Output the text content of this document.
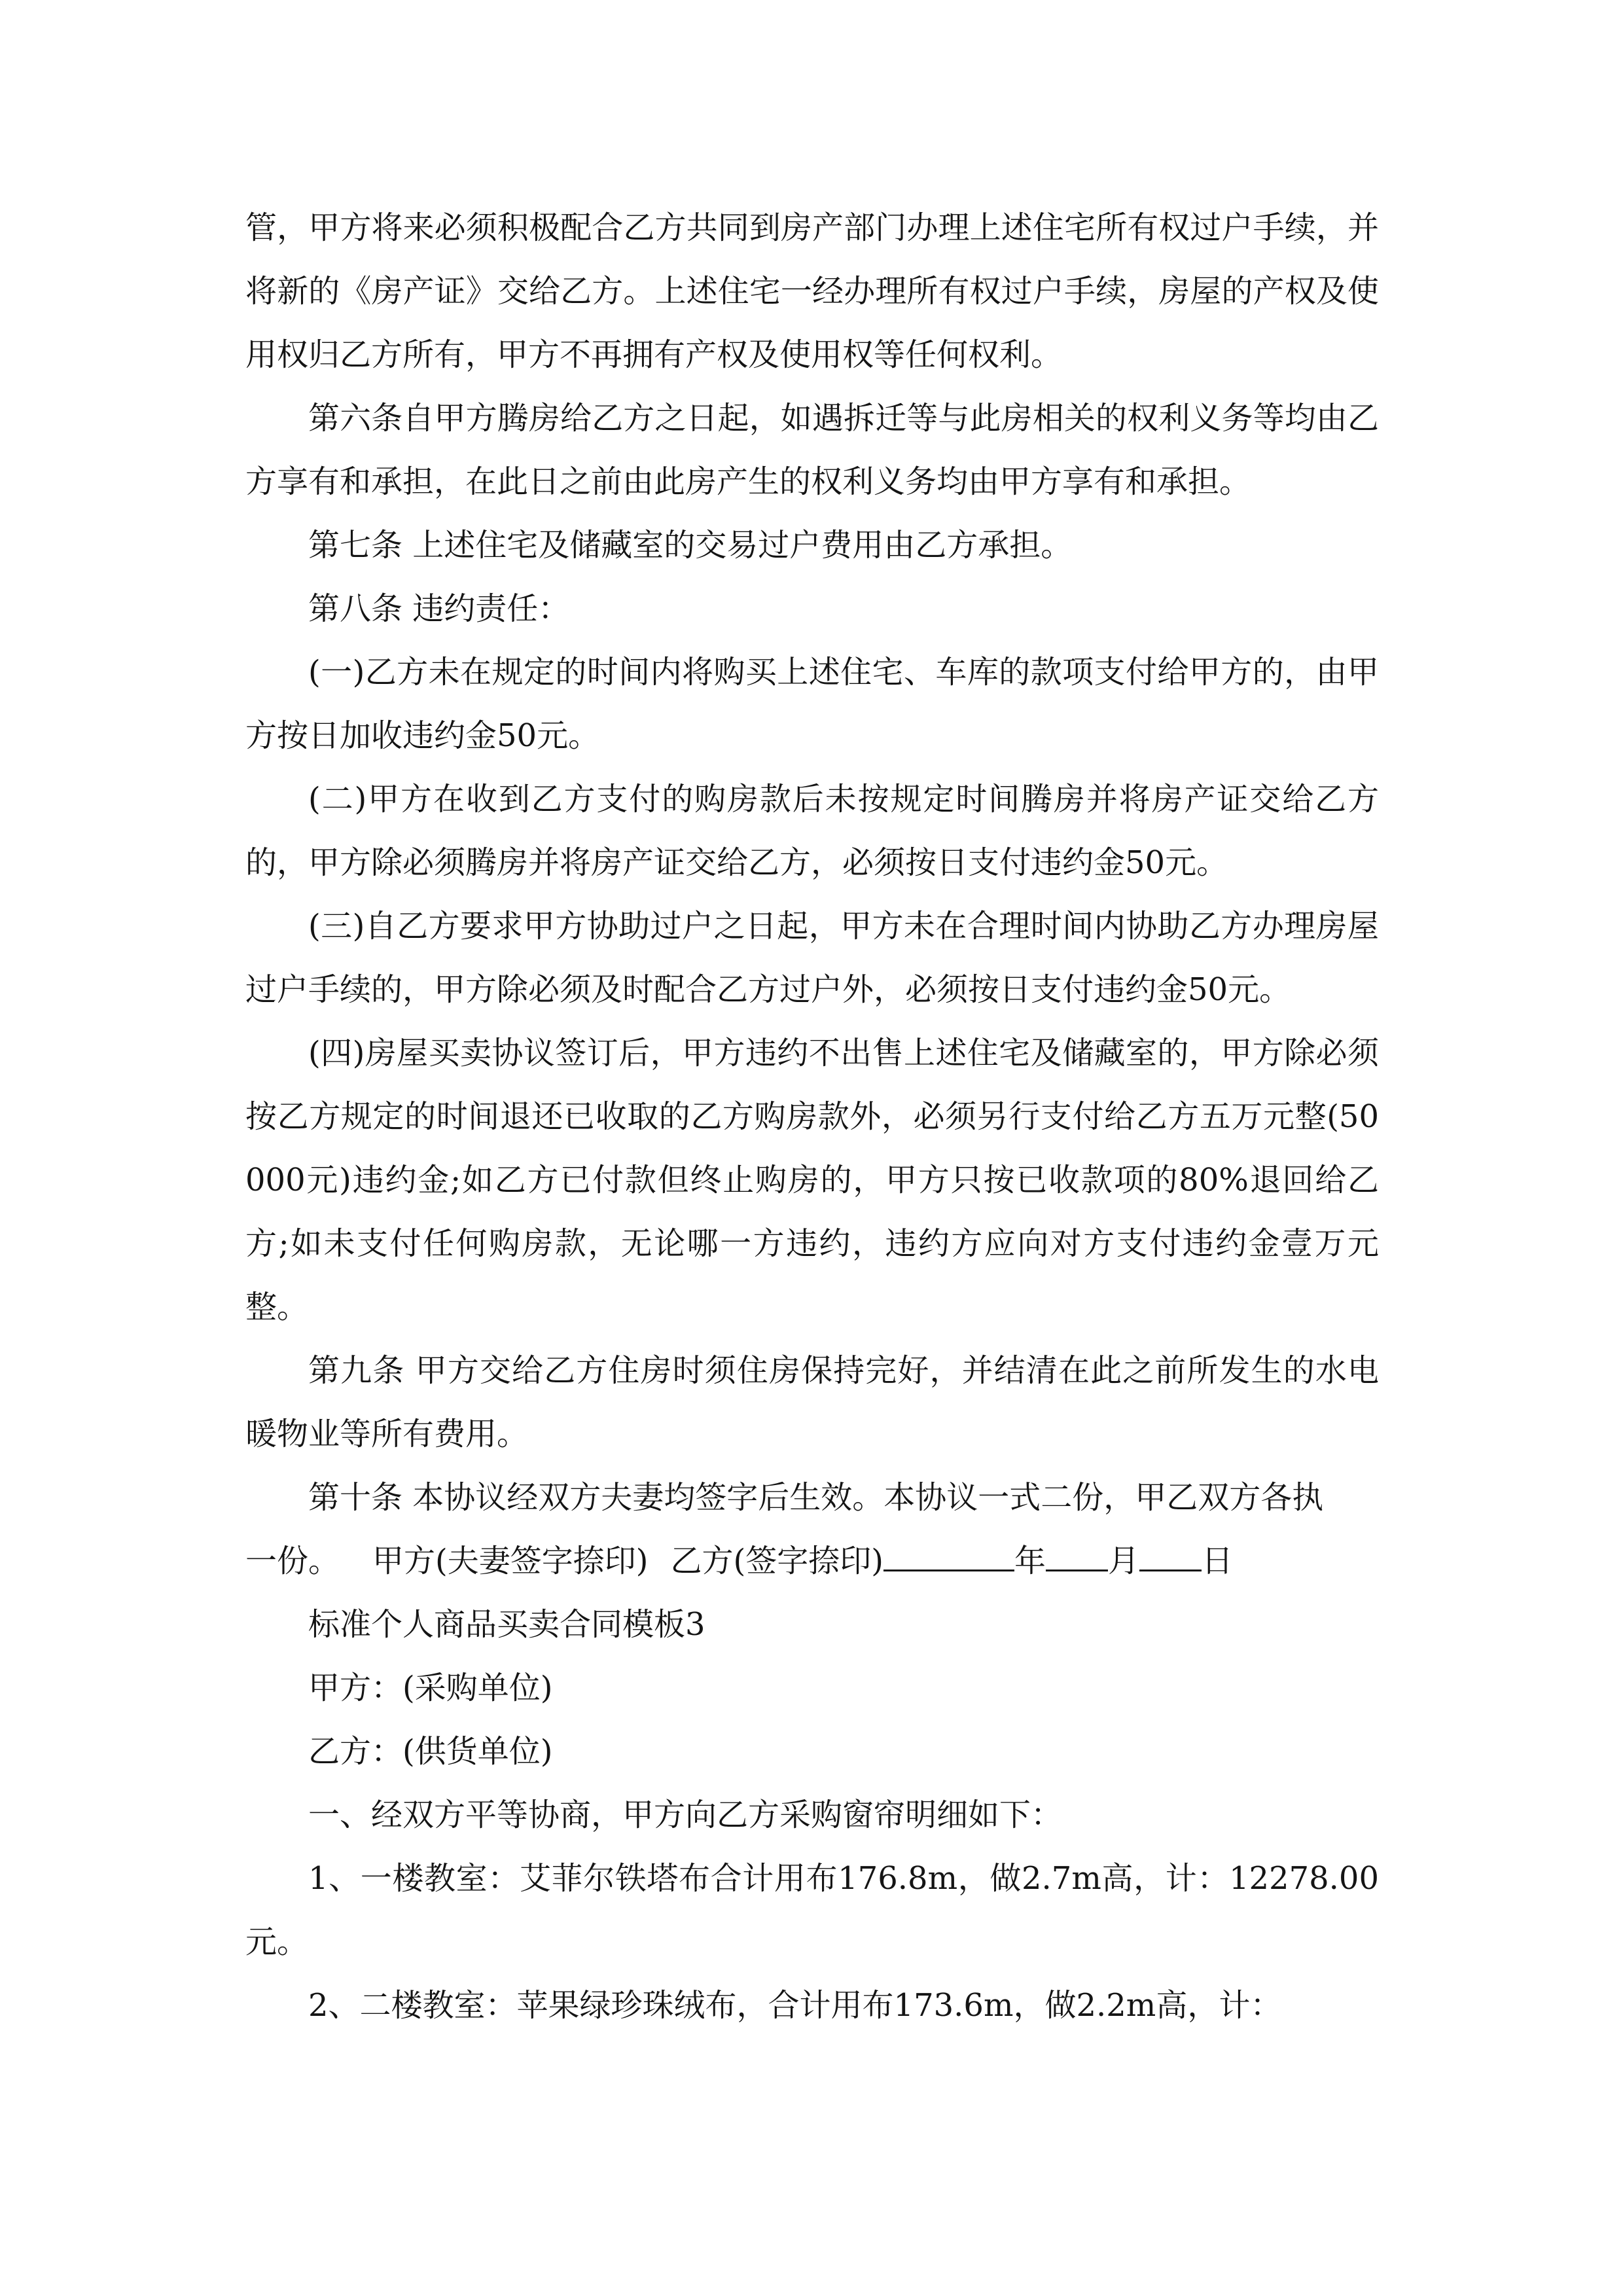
管，甲方将来必须积极配合乙方共同到房产部门办理上述住宅所有权过户手续，并将新的《房产证》交给乙方。上述住宅一经办理所有权过户手续，房屋的产权及使用权归乙方所有，甲方不再拥有产权及使用权等任何权利。

第六条自甲方腾房给乙方之日起，如遇拆迁等与此房相关的权利义务等均由乙方享有和承担，在此日之前由此房产生的权利义务均由甲方享有和承担。

第七条 上述住宅及储藏室的交易过户费用由乙方承担。

第八条 违约责任：

(一)乙方未在规定的时间内将购买上述住宅、车库的款项支付给甲方的，由甲方按日加收违约金50元。

(二)甲方在收到乙方支付的购房款后未按规定时间腾房并将房产证交给乙方的，甲方除必须腾房并将房产证交给乙方，必须按日支付违约金50元。

(三)自乙方要求甲方协助过户之日起，甲方未在合理时间内协助乙方办理房屋过户手续的，甲方除必须及时配合乙方过户外，必须按日支付违约金50元。

(四)房屋买卖协议签订后，甲方违约不出售上述住宅及储藏室的，甲方除必须按乙方规定的时间退还已收取的乙方购房款外，必须另行支付给乙方五万元整(50000元)违约金;如乙方已付款但终止购房的，甲方只按已收款项的80%退回给乙方;如未支付任何购房款，无论哪一方违约，违约方应向对方支付违约金壹万元整。

第九条 甲方交给乙方住房时须住房保持完好，并结清在此之前所发生的水电暖物业等所有费用。

第十条 本协议经双方夫妻均签字后生效。本协议一式二份，甲乙双方各执

一份。 甲方(夫妻签字捺印) 乙方(签字捺印)	年 月 日

标准个人商品买卖合同模板3

甲方：(采购单位)

乙方：(供货单位)

一、经双方平等协商，甲方向乙方采购窗帘明细如下：

1、一楼教室：艾菲尔铁塔布合计用布176.8m，做2.7m高，计：12278.00元。

2、二楼教室：苹果绿珍珠绒布，合计用布173.6m，做2.2m高，计：
